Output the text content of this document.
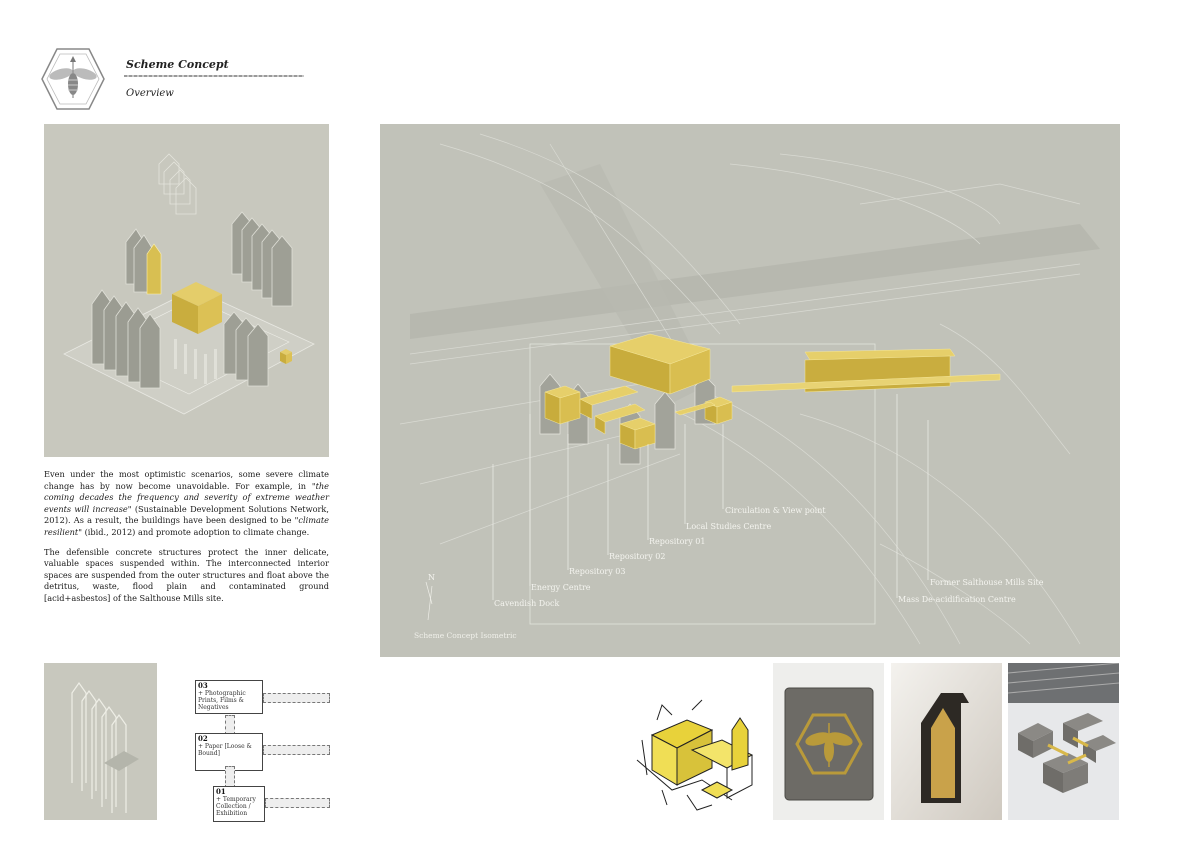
Scheme Concept
Overview

Even under the most optimistic scenarios, some severe climate change has by now become unavoidable. For example, in "the coming decades the frequency and severity of extreme weather events will increase" (Sustainable Development Solutions Network, 2012). As a result, the buildings have been designed to be "climate resilient" (ibid., 2012) and promote adoption to climate change.

The defensible concrete structures protect the inner delicate, valuable spaces suspended within. The interconnected interior spaces are suspended from the outer structures and float above the detritus, waste, flood plain and contaminated ground [acid+asbestos] of the Salthouse Mills site.

N
Circulation & View point
Local Studies Centre
Repository 01
Repository 02
Repository 03
Energy Centre
Cavendish Dock
Former Salthouse Mills Site
Mass De-acidification Centre
Scheme Concept Isometric
03
+ Photographic Prints, Films & Negatives
02
+ Paper [Loose & Bound]
01
+ Temporary Collection / Exhibition
